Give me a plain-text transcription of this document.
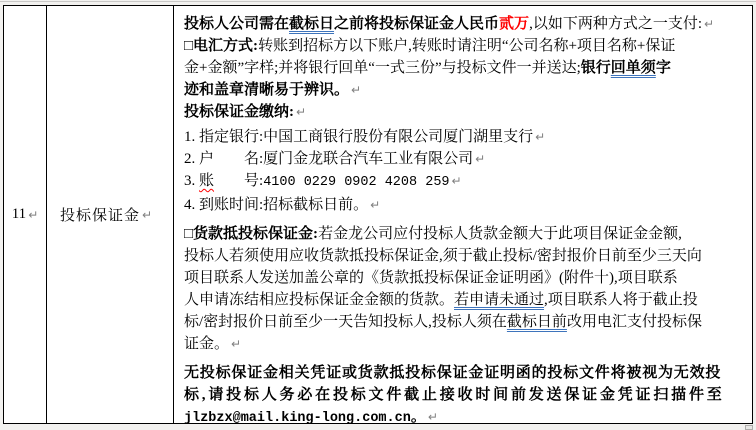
11 ↵ 投标保证金 ↵
投标人公司需在截标日之前将投标保证金人民币贰万,以如下两种方式之一支付: ↵
□电汇方式:转账到招标方以下账户,转账时请注明“公司名称+项目名称+保证
金+金额”字样;并将银行回单“一式三份”与投标文件一并送达;银行回单须字
迹和盖章清晰易于辨识。 ↵
投标保证金缴纳: ↵
1. 指定银行:中国工商银行股份有限公司厦门湖里支行 ↵
2. 户　　名:厦门金龙联合汽车工业有限公司 ↵
3. 账　　号:4100 0229 0902 4208 259 ↵
4. 到账时间:招标截标日前。 ↵
□货款抵投标保证金:若金龙公司应付投标人货款金额大于此项目保证金金额,
投标人若须使用应收货款抵投标保证金,须于截止投标/密封报价日前至少三天向
项目联系人发送加盖公章的《货款抵投标保证金证明函》(附件十),项目联系
人申请冻结相应投标保证金金额的货款。若申请未通过,项目联系人将于截止投
标/密封报价日前至少一天告知投标人,投标人须在截标日前改用电汇支付投标保
证金。 ↵
无投标保证金相关凭证或货款抵投标保证金证明函的投标文件将被视为无效投
标,请投标人务必在投标文件截止接收时间前发送保证金凭证扫描件至
jlzbzx@mail.king-long.com.cn。 ↵
